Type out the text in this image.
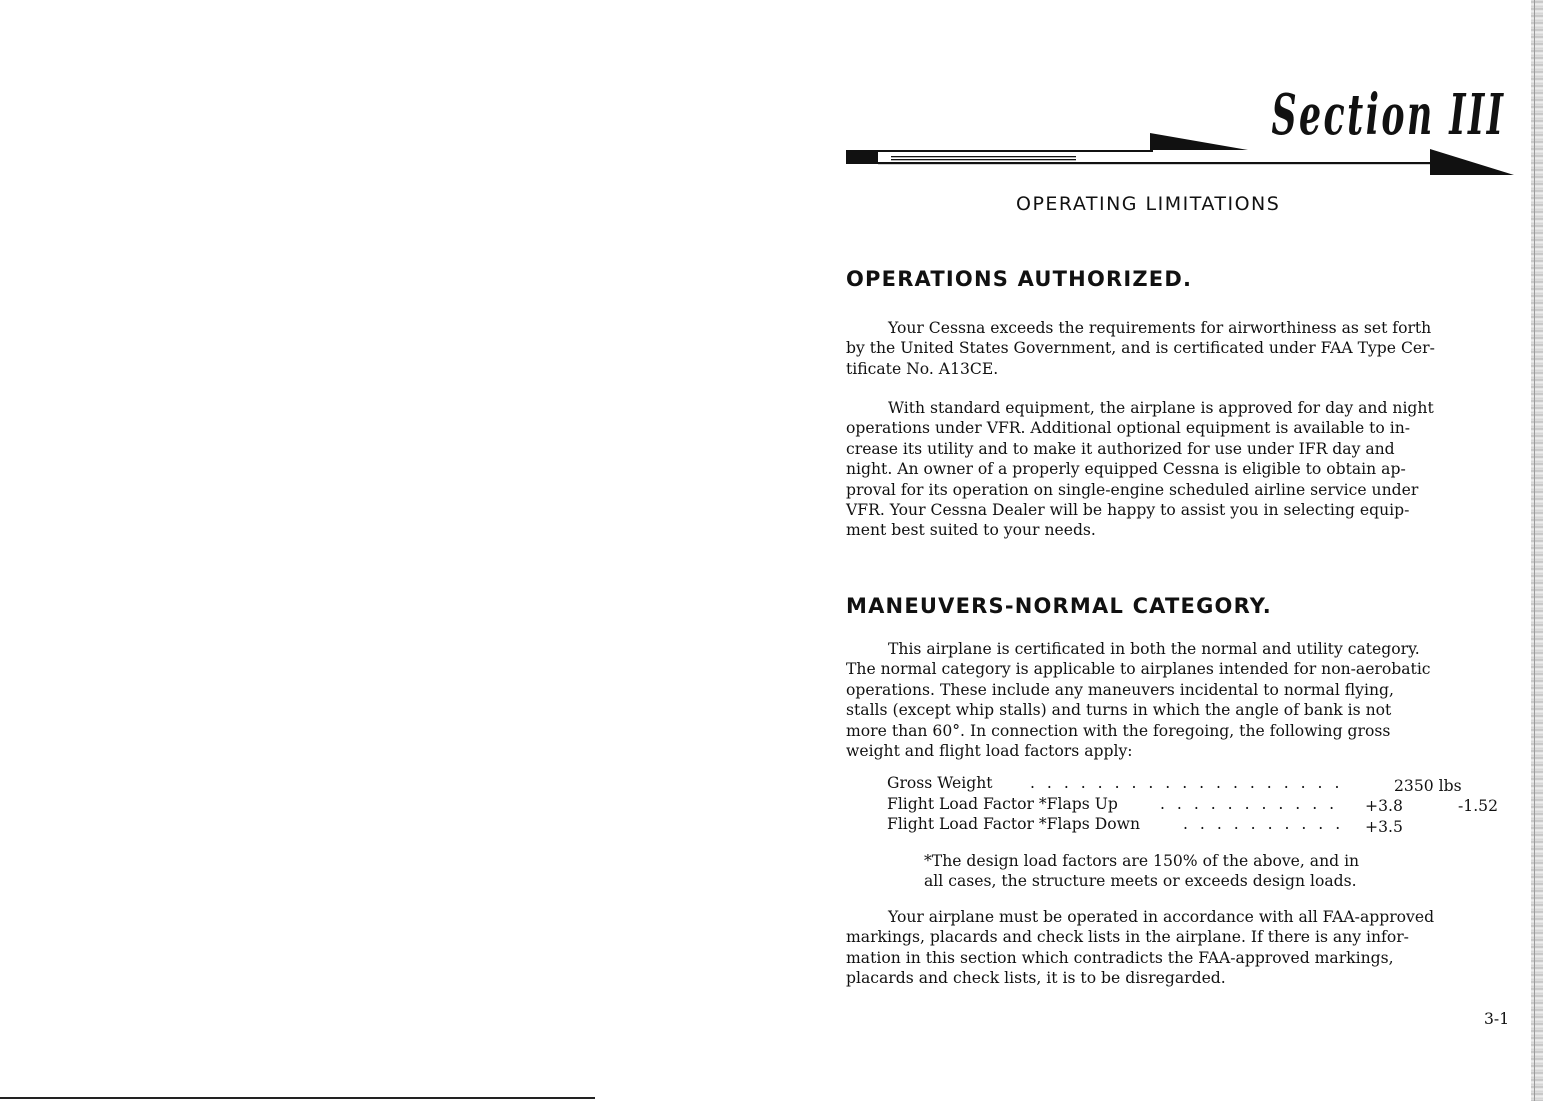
Section III
OPERATING LIMITATIONS
OPERATIONS AUTHORIZED.
Your Cessna exceeds the requirements for airworthiness as set forth
by the United States Government, and is certificated under FAA Type Cer-
tificate No. A13CE.
With standard equipment, the airplane is approved for day and night
operations under VFR. Additional optional equipment is available to in-
crease its utility and to make it authorized for use under IFR day and
night. An owner of a properly equipped Cessna is eligible to obtain ap-
proval for its operation on single-engine scheduled airline service under
VFR. Your Cessna Dealer will be happy to assist you in selecting equip-
ment best suited to your needs.
MANEUVERS-NORMAL CATEGORY.
This airplane is certificated in both the normal and utility category.
The normal category is applicable to airplanes intended for non-aerobatic
operations. These include any maneuvers incidental to normal flying,
stalls (except whip stalls) and turns in which the angle of bank is not
more than 60°. In connection with the foregoing, the following gross
weight and flight load factors apply:
Gross Weight . . . . . . . . . . . . . . . . . . .	2350 lbs
Flight Load Factor *Flaps Up	. . . . . . . . . . . +3.8	-1.52
Flight Load Factor *Flaps Down	. . . . . . . . . . +3.5
*The design load factors are 150% of the above, and in
all cases, the structure meets or exceeds design loads.
Your airplane must be operated in accordance with all FAA-approved
markings, placards and check lists in the airplane. If there is any infor-
mation in this section which contradicts the FAA-approved markings,
placards and check lists, it is to be disregarded.
3-1
